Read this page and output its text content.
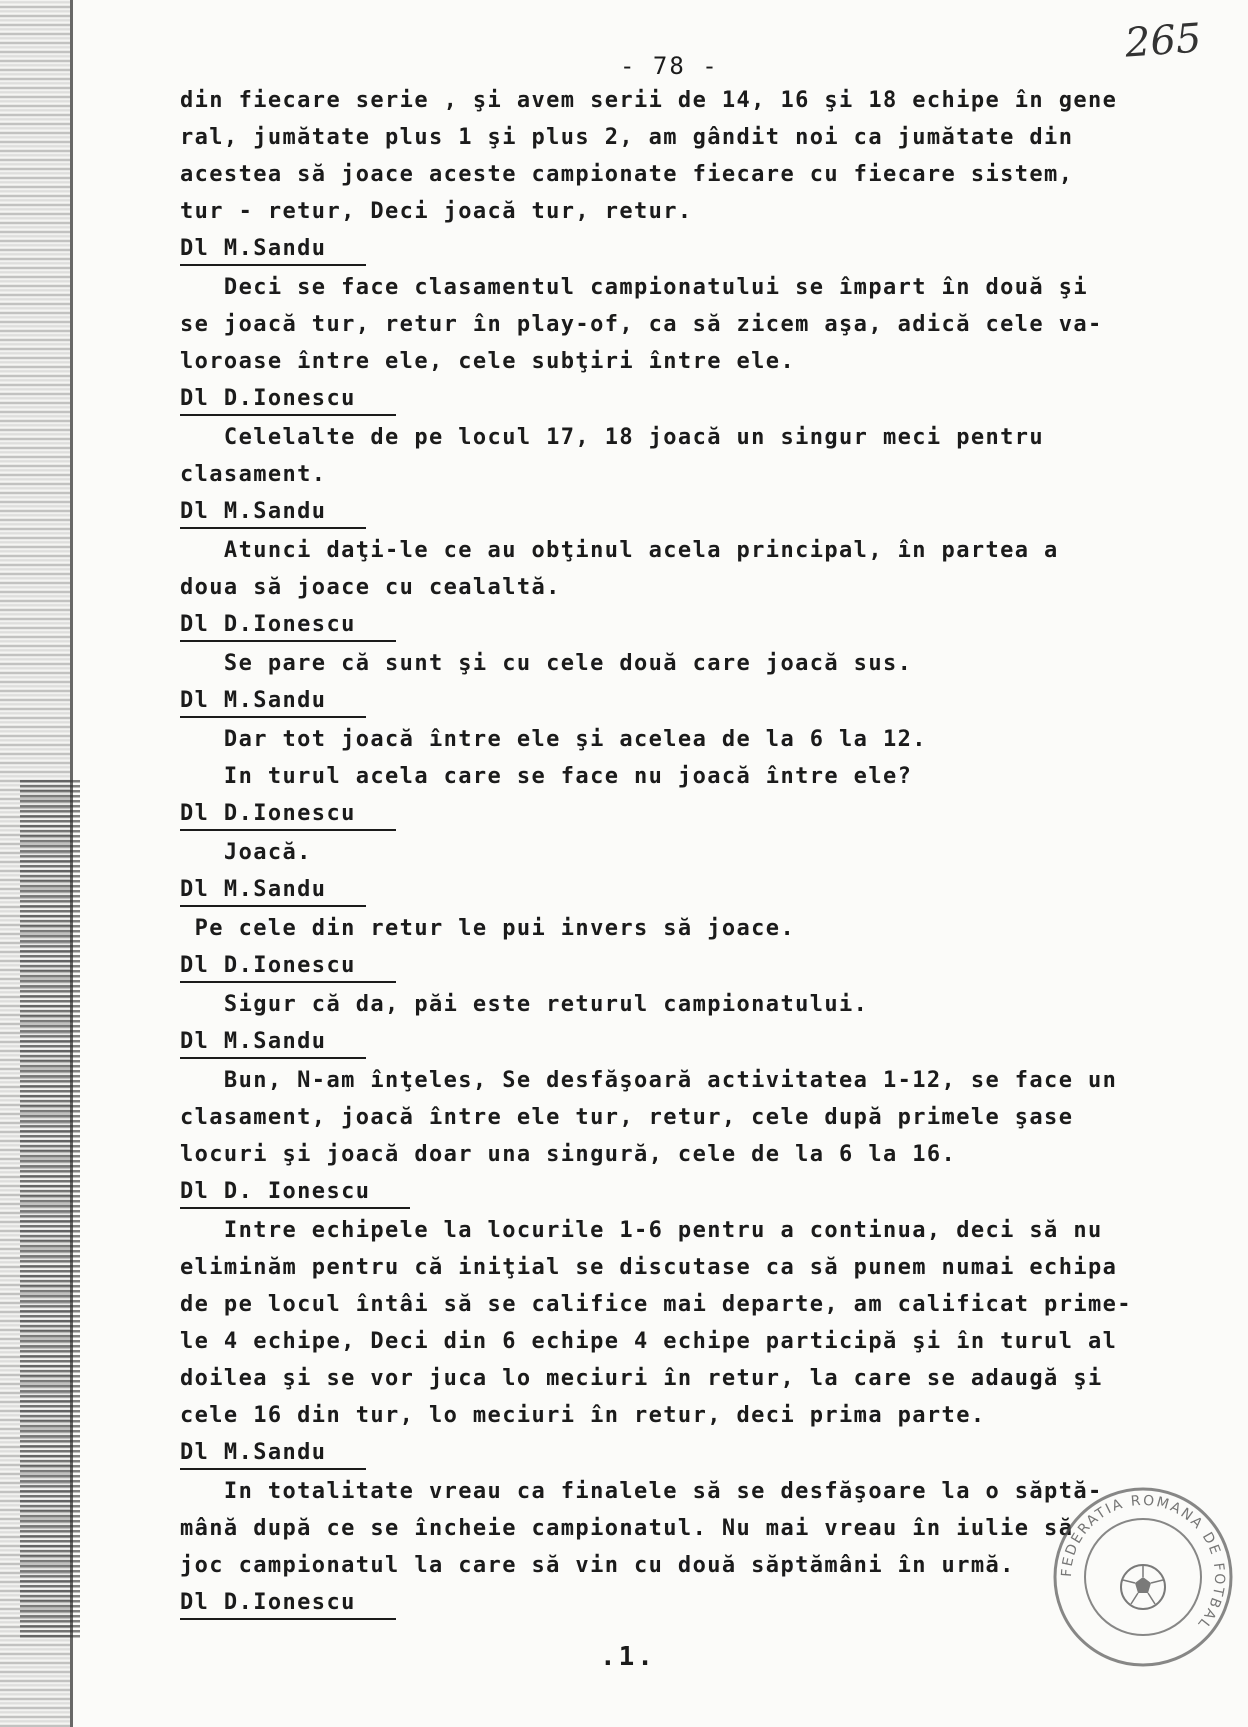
- 78 -	265
din fiecare serie , şi avem serii de 14, 16 şi 18 echipe în gene
ral, jumătate plus 1 şi plus 2, am gândit noi ca jumătate din
acestea să joace aceste campionate fiecare cu fiecare sistem,
tur - retur, Deci joacă tur, retur.
Dl M.Sandu
Deci se face clasamentul campionatului se împart în două şi
se joacă tur, retur în play-of, ca să zicem aşa, adică cele va-
loroase între ele, cele subţiri între ele.
Dl D.Ionescu
Celelalte de pe locul 17, 18 joacă un singur meci pentru
clasament.
Dl M.Sandu
Atunci daţi-le ce au obţinul acela principal, în partea a
doua să joace cu cealaltă.
Dl D.Ionescu
Se pare că sunt şi cu cele două care joacă sus.
Dl M.Sandu
Dar tot joacă între ele şi acelea de la 6 la 12.
In turul acela care se face nu joacă între ele?
Dl D.Ionescu
Joacă.
Dl M.Sandu
Pe cele din retur le pui invers să joace.
Dl D.Ionescu
Sigur că da, păi este returul campionatului.
Dl M.Sandu
Bun, N-am înţeles, Se desfăşoară activitatea 1-12, se face un
clasament, joacă între ele tur, retur, cele după primele şase
locuri şi joacă doar una singură, cele de la 6 la 16.
Dl D. Ionescu
Intre echipele la locurile 1-6 pentru a continua, deci să nu
eliminăm pentru că iniţial se discutase ca să punem numai echipa
de pe locul întâi să se califice mai departe, am calificat prime-
le 4 echipe, Deci din 6 echipe 4 echipe participă şi în turul al
doilea şi se vor juca lo meciuri în retur, la care se adaugă şi
cele 16 din tur, lo meciuri în retur, deci prima parte.
Dl M.Sandu
In totalitate vreau ca finalele să se desfăşoare la o săptă-
mână după ce se încheie campionatul. Nu mai vreau în iulie să
joc campionatul la care să vin cu două săptămâni în urmă.
Dl D.Ionescu
.1.
FEDERATIA ROMANA DE FOTBAL
